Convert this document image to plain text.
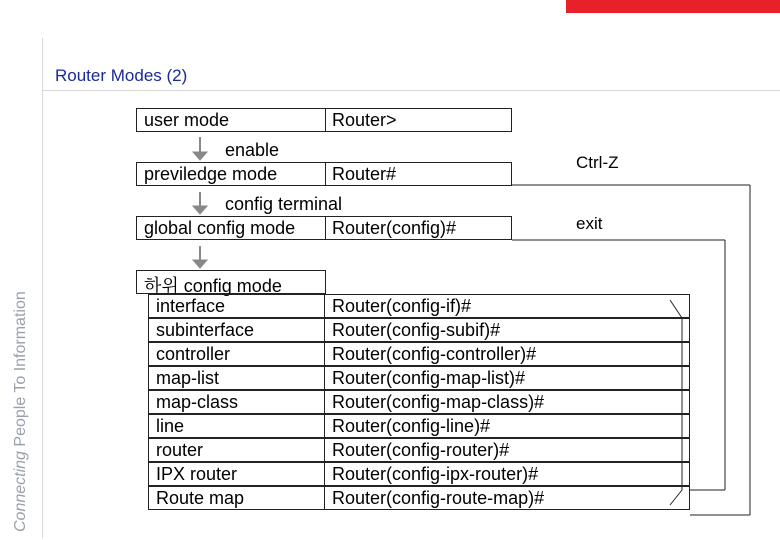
Connecting People To Information
Router Modes (2)
user mode	Router>
enable
previledge mode	Router#
config terminal
global config mode Router(config)#
Ctrl-Z
exit
하위 config mode
interface	Router(config-if)#
subinterface	Router(config-subif)#
controller	Router(config-controller)#
map-list	Router(config-map-list)#
map-class	Router(config-map-class)#
line	Router(config-line)#
router	Router(config-router)#
IPX router	Router(config-ipx-router)#
Route map	Router(config-route-map)#
